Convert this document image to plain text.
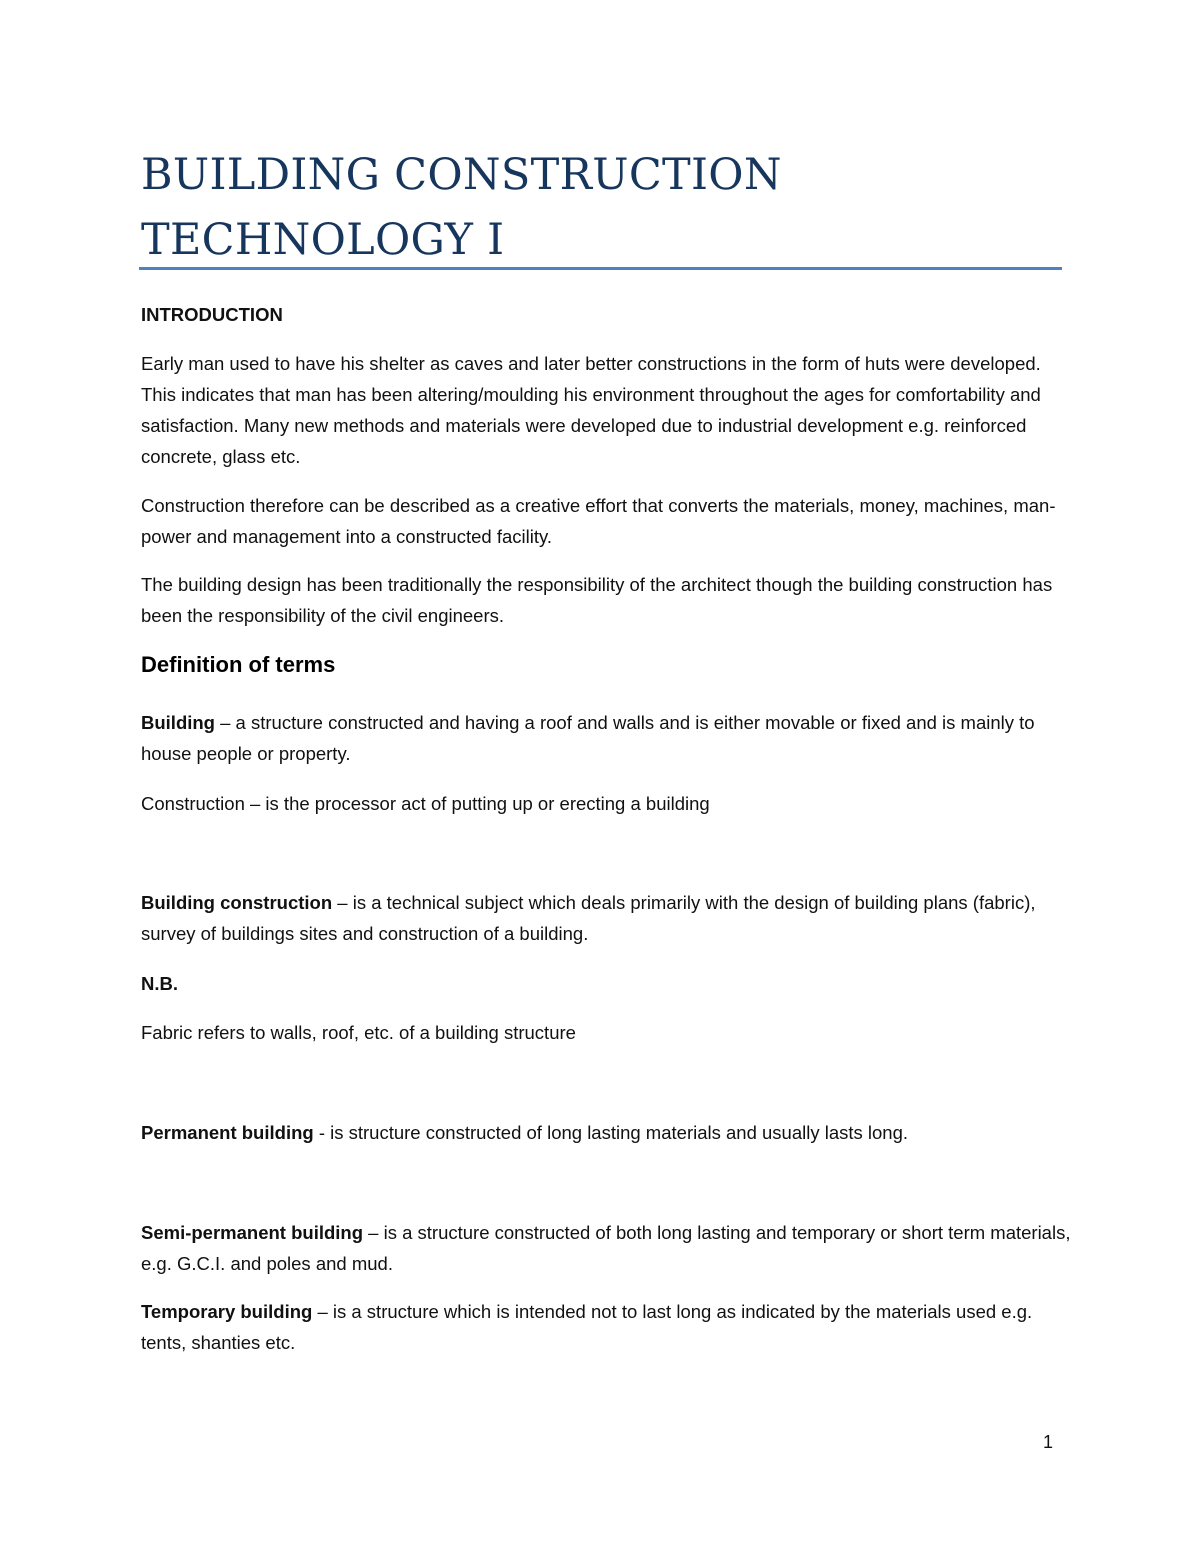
BUILDING CONSTRUCTION
TECHNOLOGY I

INTRODUCTION

Early man used to have his shelter as caves and later better constructions in the form of huts were developed. This indicates that man has been altering/moulding his environment throughout the ages for comfortability and satisfaction. Many new methods and materials were developed due to industrial development e.g. reinforced concrete, glass etc.

Construction therefore can be described as a creative effort that converts the materials, money, machines, man-power and management into a constructed facility.

The building design has been traditionally the responsibility of the architect though the building construction has been the responsibility of the civil engineers.

Definition of terms

Building – a structure constructed and having a roof and walls and is either movable or fixed and is mainly to house people or property.

Construction – is the processor act of putting up or erecting a building

Building construction – is a technical subject which deals primarily with the design of building plans (fabric), survey of buildings sites and construction of a building.

N.B.

Fabric refers to walls, roof, etc. of a building structure

Permanent building - is structure constructed of long lasting materials and usually lasts long.

Semi-permanent building – is a structure constructed of both long lasting and temporary or short term materials, e.g. G.C.I. and poles and mud.

Temporary building – is a structure which is intended not to last long as indicated by the materials used e.g. tents, shanties etc.

1
